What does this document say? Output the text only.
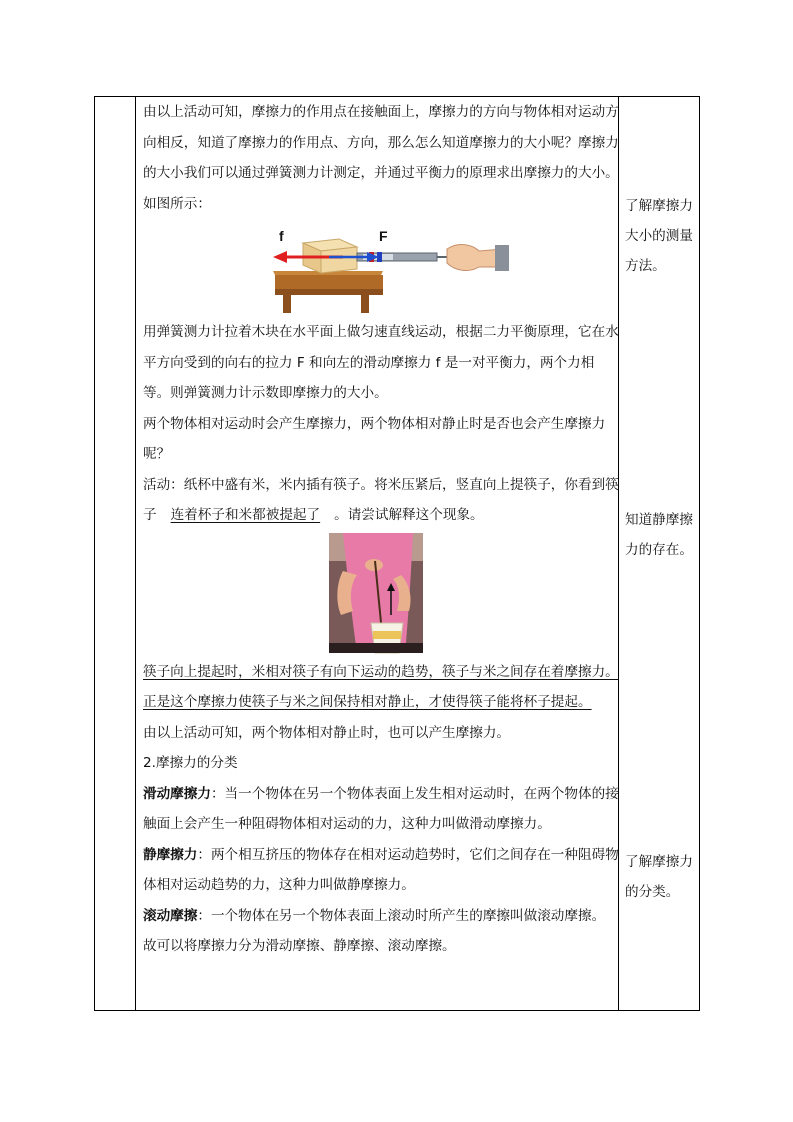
由以上活动可知，摩擦力的作用点在接触面上，摩擦力的方向与物体相对运动方向相反，知道了摩擦力的作用点、方向，那么怎么知道摩擦力的大小呢？摩擦力的大小我们可以通过弹簧测力计测定，并通过平衡力的原理求出摩擦力的大小。如图所示：

f	F

用弹簧测力计拉着木块在水平面上做匀速直线运动，根据二力平衡原理，它在水平方向受到的向右的拉力 F 和向左的滑动摩擦力 f 是一对平衡力，两个力相等。则弹簧测力计示数即摩擦力的大小。

两个物体相对运动时会产生摩擦力，两个物体相对静止时是否也会产生摩擦力呢？

活动：纸杯中盛有米，米内插有筷子。将米压紧后，竖直向上提筷子，你看到筷子 连着杯子和米都被提起了 。请尝试解释这个现象。

筷子向上提起时，米相对筷子有向下运动的趋势，筷子与米之间存在着摩擦力。正是这个摩擦力使筷子与米之间保持相对静止，才使得筷子能将杯子提起。

由以上活动可知，两个物体相对静止时，也可以产生摩擦力。

2.摩擦力的分类

滑动摩擦力：当一个物体在另一个物体表面上发生相对运动时，在两个物体的接触面上会产生一种阻碍物体相对运动的力，这种力叫做滑动摩擦力。

静摩擦力：两个相互挤压的物体存在相对运动趋势时，它们之间存在一种阻碍物体相对运动趋势的力，这种力叫做静摩擦力。

滚动摩擦：一个物体在另一个物体表面上滚动时所产生的摩擦叫做滚动摩擦。

故可以将摩擦力分为滑动摩擦、静摩擦、滚动摩擦。

了解摩擦力大小的测量方法。
知道静摩擦力的存在。
了解摩擦力的分类。
